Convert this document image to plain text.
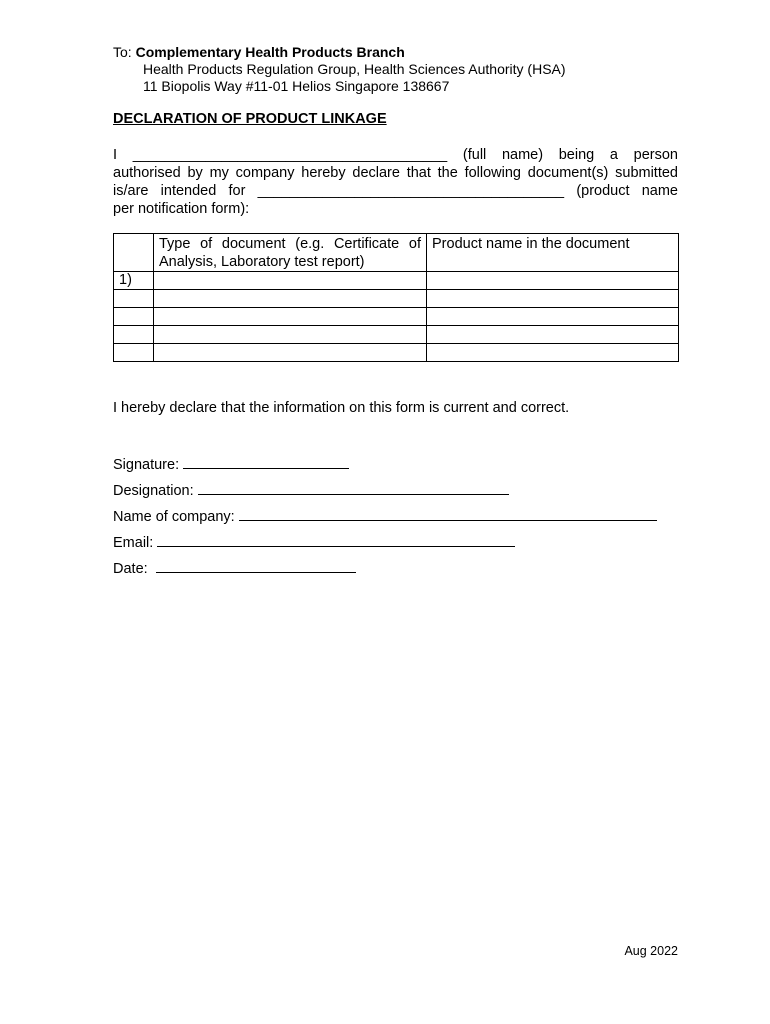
To: Complementary Health Products Branch
Health Products Regulation Group, Health Sciences Authority (HSA)
11 Biopolis Way #11-01 Helios Singapore 138667
DECLARATION OF PRODUCT LINKAGE
I _______________________________________ (full name) being a person
authorised by my company hereby declare that the following document(s) submitted
is/are intended for ______________________________________ (product name
per notification form):
	Type of document (e.g. Certificate of Analysis, Laboratory test report)	Product name in the document
1)		

I hereby declare that the information on this form is current and correct.
Signature:
Designation:
Name of company:
Email:
Date:
Aug 2022
